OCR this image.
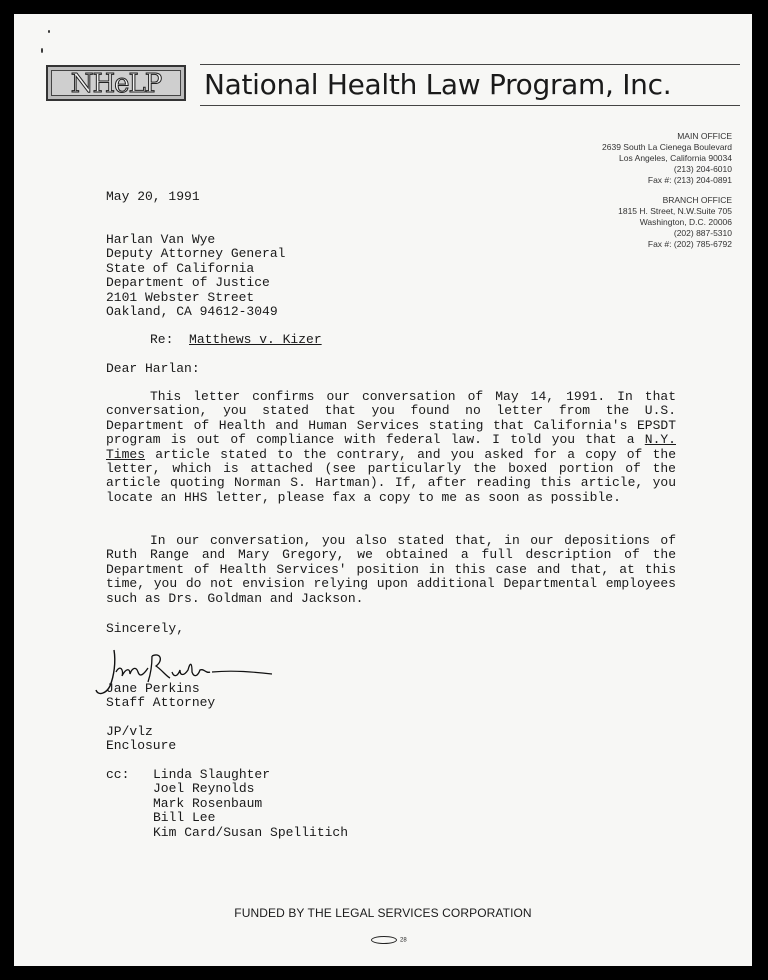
NHeLP	National Health Law Program, Inc.
MAIN OFFICE
2639 South La Cienega Boulevard
Los Angeles, California 90034
(213) 204-6010
Fax #: (213) 204-0891
BRANCH OFFICE
1815 H. Street, N.W.Suite 705
Washington, D.C. 20006
(202) 887-5310
Fax #: (202) 785-6792
May 20, 1991
Harlan Van Wye
Deputy Attorney General
State of California
Department of Justice
2101 Webster Street
Oakland, CA 94612-3049
Re: Matthews v. Kizer
Dear Harlan:

This letter confirms our conversation of May 14, 1991. In that conversation, you stated that you found no letter from the U.S. Department of Health and Human Services stating that California's EPSDT program is out of compliance with federal law. I told you that a N.Y. Times article stated to the contrary, and you asked for a copy of the letter, which is attached (see particularly the boxed portion of the article quoting Norman S. Hartman). If, after reading this article, you locate an HHS letter, please fax a copy to me as soon as possible.

In our conversation, you also stated that, in our depositions of Ruth Range and Mary Gregory, we obtained a full description of the Department of Health Services' position in this case and that, at this time, you do not envision relying upon additional Departmental employees such as Drs. Goldman and Jackson.

Sincerely,
Jane Perkins
Staff Attorney
JP/vlz
Enclosure
cc: Linda Slaughter
Joel Reynolds
Mark Rosenbaum
Bill Lee
Kim Card/Susan Spellitich
FUNDED BY THE LEGAL SERVICES CORPORATION
28
